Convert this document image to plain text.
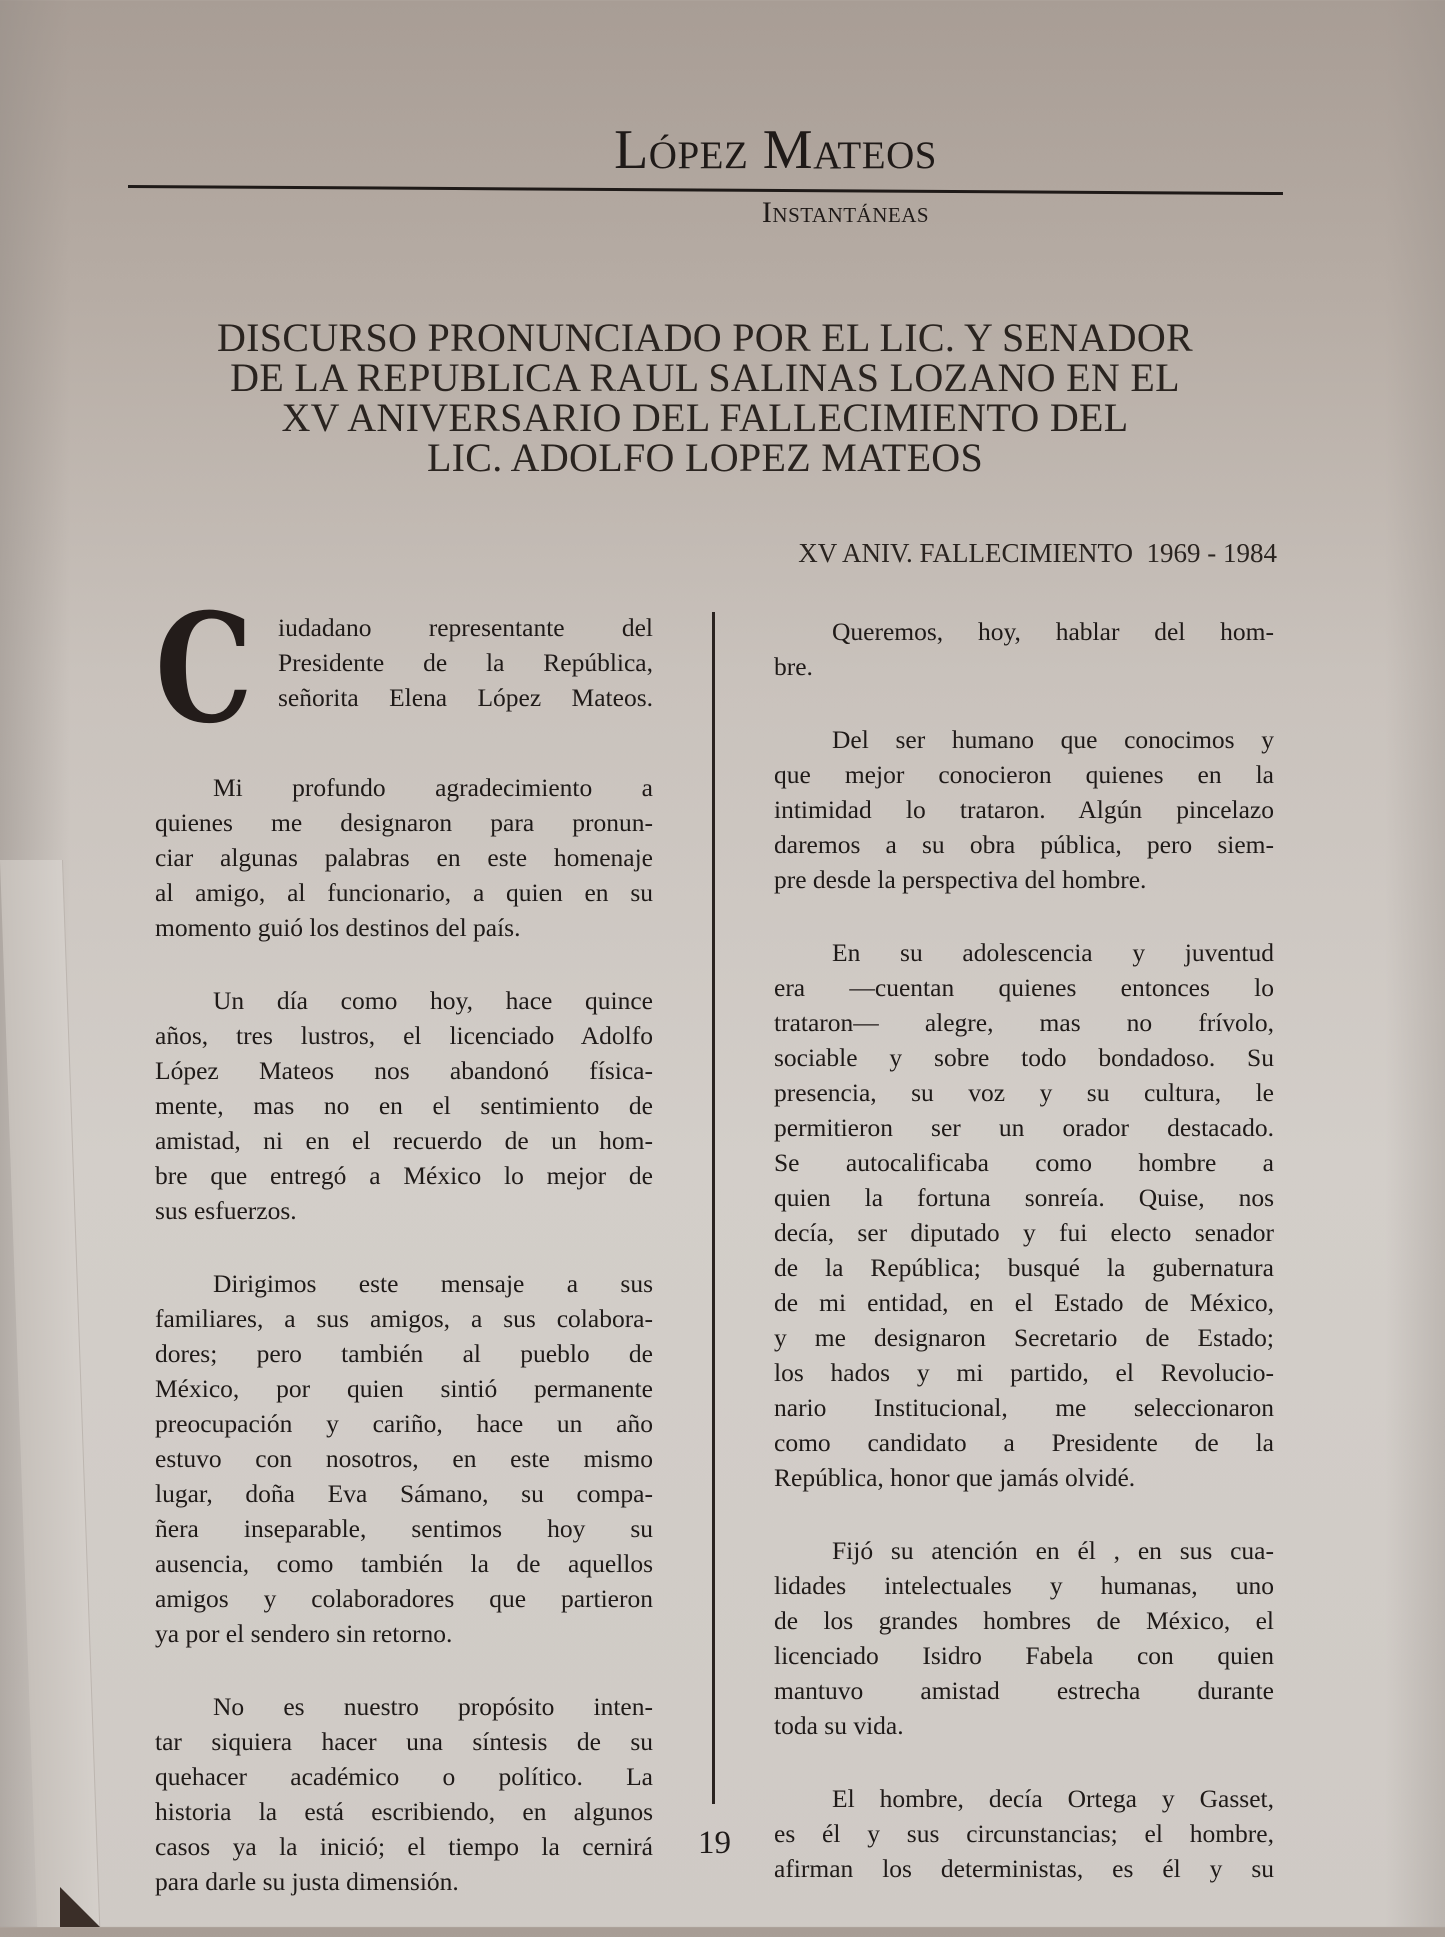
López Mateos
Instantáneas
DISCURSO PRONUNCIADO POR EL LIC. Y SENADOR
DE LA REPUBLICA RAUL SALINAS LOZANO EN EL
XV ANIVERSARIO DEL FALLECIMIENTO DEL
LIC. ADOLFO LOPEZ MATEOS
XV ANIV. FALLECIMIENTO  1969 - 1984
C iudadano representante del
Presidente de la República,
señorita Elena López Mateos.

Mi profundo agradecimiento a
quienes me designaron para pronun-
ciar algunas palabras en este homenaje
al amigo, al funcionario, a quien en su
momento guió los destinos del país.

Un día como hoy, hace quince
años, tres lustros, el licenciado Adolfo
López Mateos nos abandonó física-
mente, mas no en el sentimiento de
amistad, ni en el recuerdo de un hom-
bre que entregó a México lo mejor de
sus esfuerzos.

Dirigimos este mensaje a sus
familiares, a sus amigos, a sus colabora-
dores; pero también al pueblo de
México, por quien sintió permanente
preocupación y cariño, hace un año
estuvo con nosotros, en este mismo
lugar, doña Eva Sámano, su compa-
ñera inseparable, sentimos hoy su
ausencia, como también la de aquellos
amigos y colaboradores que partieron
ya por el sendero sin retorno.

No es nuestro propósito inten-
tar siquiera hacer una síntesis de su
quehacer académico o político. La
historia la está escribiendo, en algunos
casos ya la inició; el tiempo la cernirá
para darle su justa dimensión.

19

Queremos, hoy, hablar del hom-
bre.

Del ser humano que conocimos y
que mejor conocieron quienes en la
intimidad lo trataron. Algún pincelazo
daremos a su obra pública, pero siem-
pre desde la perspectiva del hombre.

En su adolescencia y juventud
era —cuentan quienes entonces lo
trataron— alegre, mas no frívolo,
sociable y sobre todo bondadoso. Su
presencia, su voz y su cultura, le
permitieron ser un orador destacado.
Se autocalificaba como hombre a
quien la fortuna sonreía. Quise, nos
decía, ser diputado y fui electo senador
de la República; busqué la gubernatura
de mi entidad, en el Estado de México,
y me designaron Secretario de Estado;
los hados y mi partido, el Revolucio-
nario Institucional, me seleccionaron
como candidato a Presidente de la
República, honor que jamás olvidé.

Fijó su atención en él , en sus cua-
lidades intelectuales y humanas, uno
de los grandes hombres de México, el
licenciado Isidro Fabela con quien
mantuvo amistad estrecha durante
toda su vida.

El hombre, decía Ortega y Gasset,
es él y sus circunstancias; el hombre,
afirman los deterministas, es él y su
